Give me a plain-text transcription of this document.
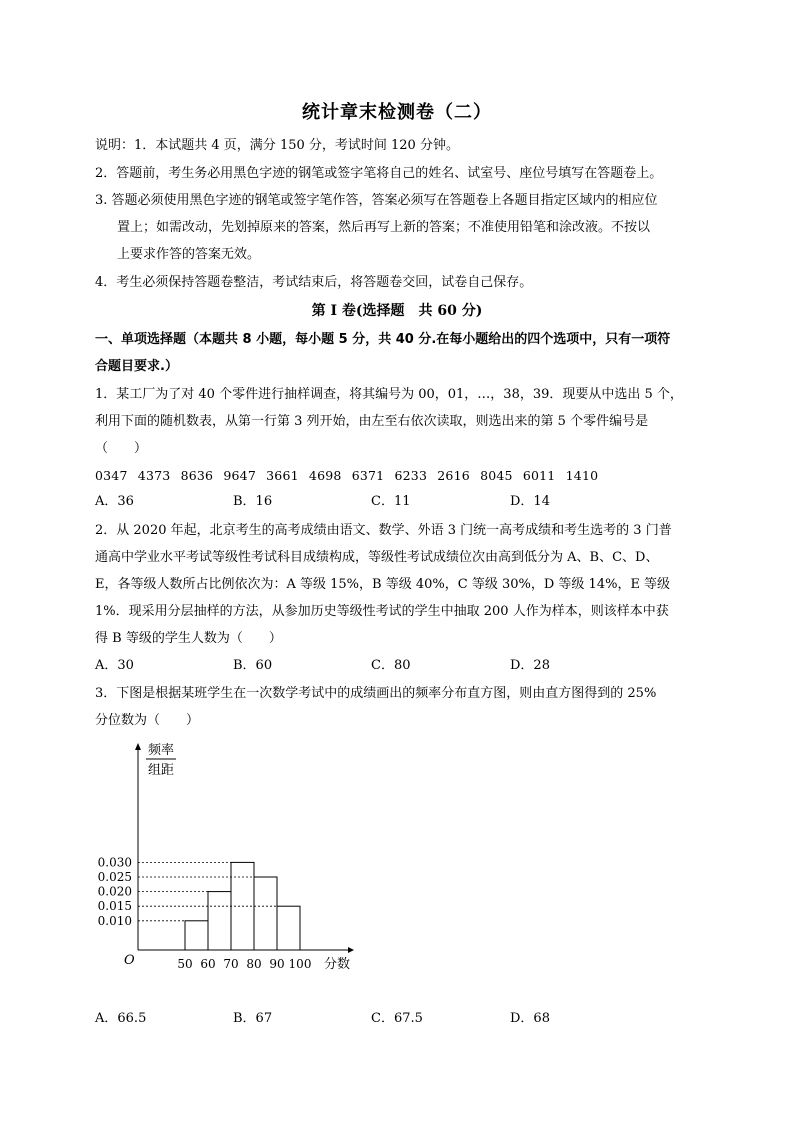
统计章末检测卷（二）
说明：1．本试题共 4 页，满分 150 分，考试时间 120 分钟。
2．答题前，考生务必用黑色字迹的钢笔或签字笔将自己的姓名、试室号、座位号填写在答题卷上。
3. 答题必须使用黑色字迹的钢笔或签字笔作答，答案必须写在答题卷上各题目指定区域内的相应位
置上；如需改动，先划掉原来的答案，然后再写上新的答案；不准使用铅笔和涂改液。不按以
上要求作答的答案无效。
4．考生必须保持答题卷整洁，考试结束后，将答题卷交回，试卷自己保存。
第 I 卷(选择题　共 60 分)
一、单项选择题（本题共 8 小题，每小题 5 分，共 40 分.在每小题给出的四个选项中，只有一项符
合题目要求.）
1．某工厂为了对 40 个零件进行抽样调查，将其编号为 00，01，…，38，39．现要从中选出 5 个，
利用下面的随机数表，从第一行第 3 列开始，由左至右依次读取，则选出来的第 5 个零件编号是
（　　）
0347 4373 8636 9647 3661 4698 6371 6233 2616 8045 6011 1410
A．36	B．16	C．11	D．14
2．从 2020 年起，北京考生的高考成绩由语文、数学、外语 3 门统一高考成绩和考生选考的 3 门普
通高中学业水平考试等级性考试科目成绩构成，等级性考试成绩位次由高到低分为 A、B、C、D、
E，各等级人数所占比例依次为：A 等级 15%，B 等级 40%，C 等级 30%，D 等级 14%，E 等级
1%．现采用分层抽样的方法，从参加历史等级性考试的学生中抽取 200 人作为样本，则该样本中获
得 B 等级的学生人数为（　　）
A．30	B．60	C．80	D．28
3．下图是根据某班学生在一次数学考试中的成绩画出的频率分布直方图，则由直方图得到的 25%
分位数为（　　）
频率
组距
O	分数
0.030
0.025
0.020
0.015
0.010
50 60 70 80 90 100
A．66.5	B．67	C．67.5	D．68
